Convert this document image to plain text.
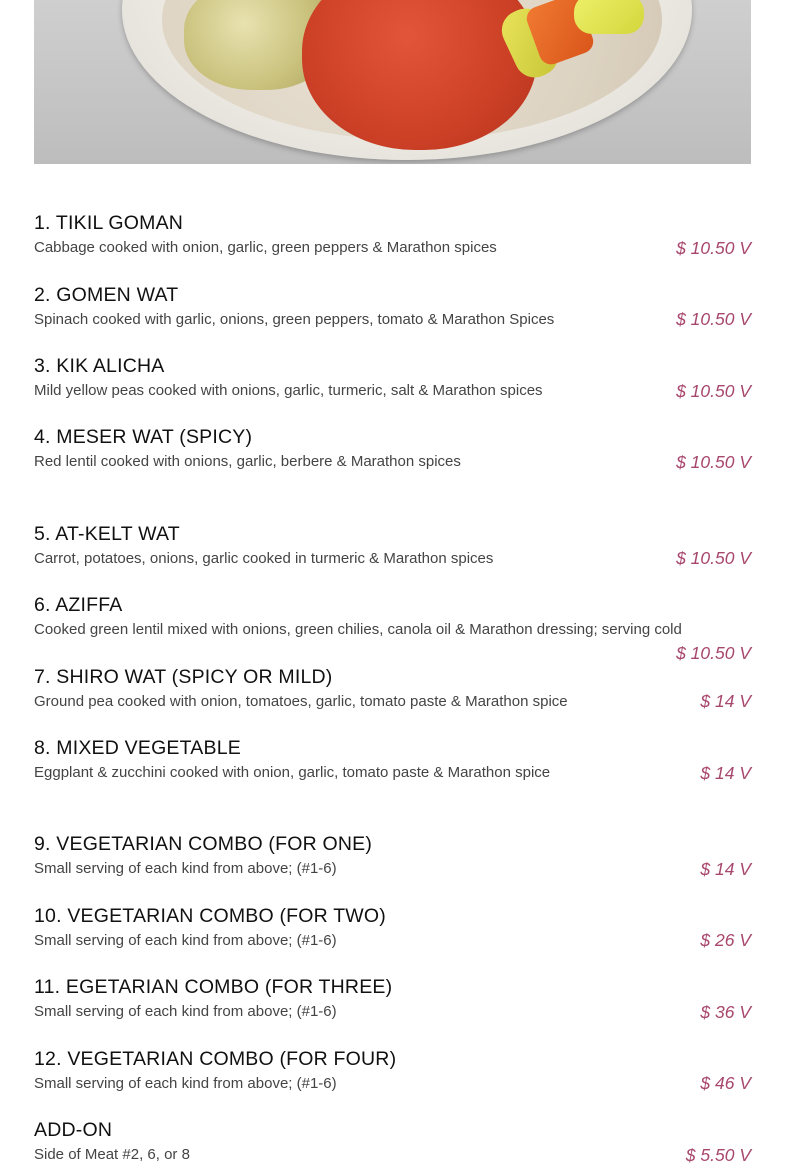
1. TIKIL GOMAN
Cabbage cooked with onion, garlic, green peppers & Marathon spices	$ 10.50 V
2. GOMEN WAT
Spinach cooked with garlic, onions, green peppers, tomato & Marathon Spices	$ 10.50 V
3. KIK ALICHA
Mild yellow peas cooked with onions, garlic, turmeric, salt & Marathon spices	$ 10.50 V
4. MESER WAT (SPICY)
Red lentil cooked with onions, garlic, berbere & Marathon spices	$ 10.50 V
5. AT-KELT WAT
Carrot, potatoes, onions, garlic cooked in turmeric & Marathon spices	$ 10.50 V
6. AZIFFA
Cooked green lentil mixed with onions, green chilies, canola oil & Marathon dressing; serving cold
$ 10.50 V
7. SHIRO WAT (SPICY OR MILD)
Ground pea cooked with onion, tomatoes, garlic, tomato paste & Marathon spice	$ 14 V
8. MIXED VEGETABLE
Eggplant & zucchini cooked with onion, garlic, tomato paste & Marathon spice	$ 14 V
9. VEGETARIAN COMBO (FOR ONE)
Small serving of each kind from above; (#1-6)	$ 14 V
10. VEGETARIAN COMBO (FOR TWO)
Small serving of each kind from above; (#1-6)	$ 26 V
11. EGETARIAN COMBO (FOR THREE)
Small serving of each kind from above; (#1-6)	$ 36 V
12. VEGETARIAN COMBO (FOR FOUR)
Small serving of each kind from above; (#1-6)	$ 46 V
ADD-ON
Side of Meat #2, 6, or 8	$ 5.50 V
